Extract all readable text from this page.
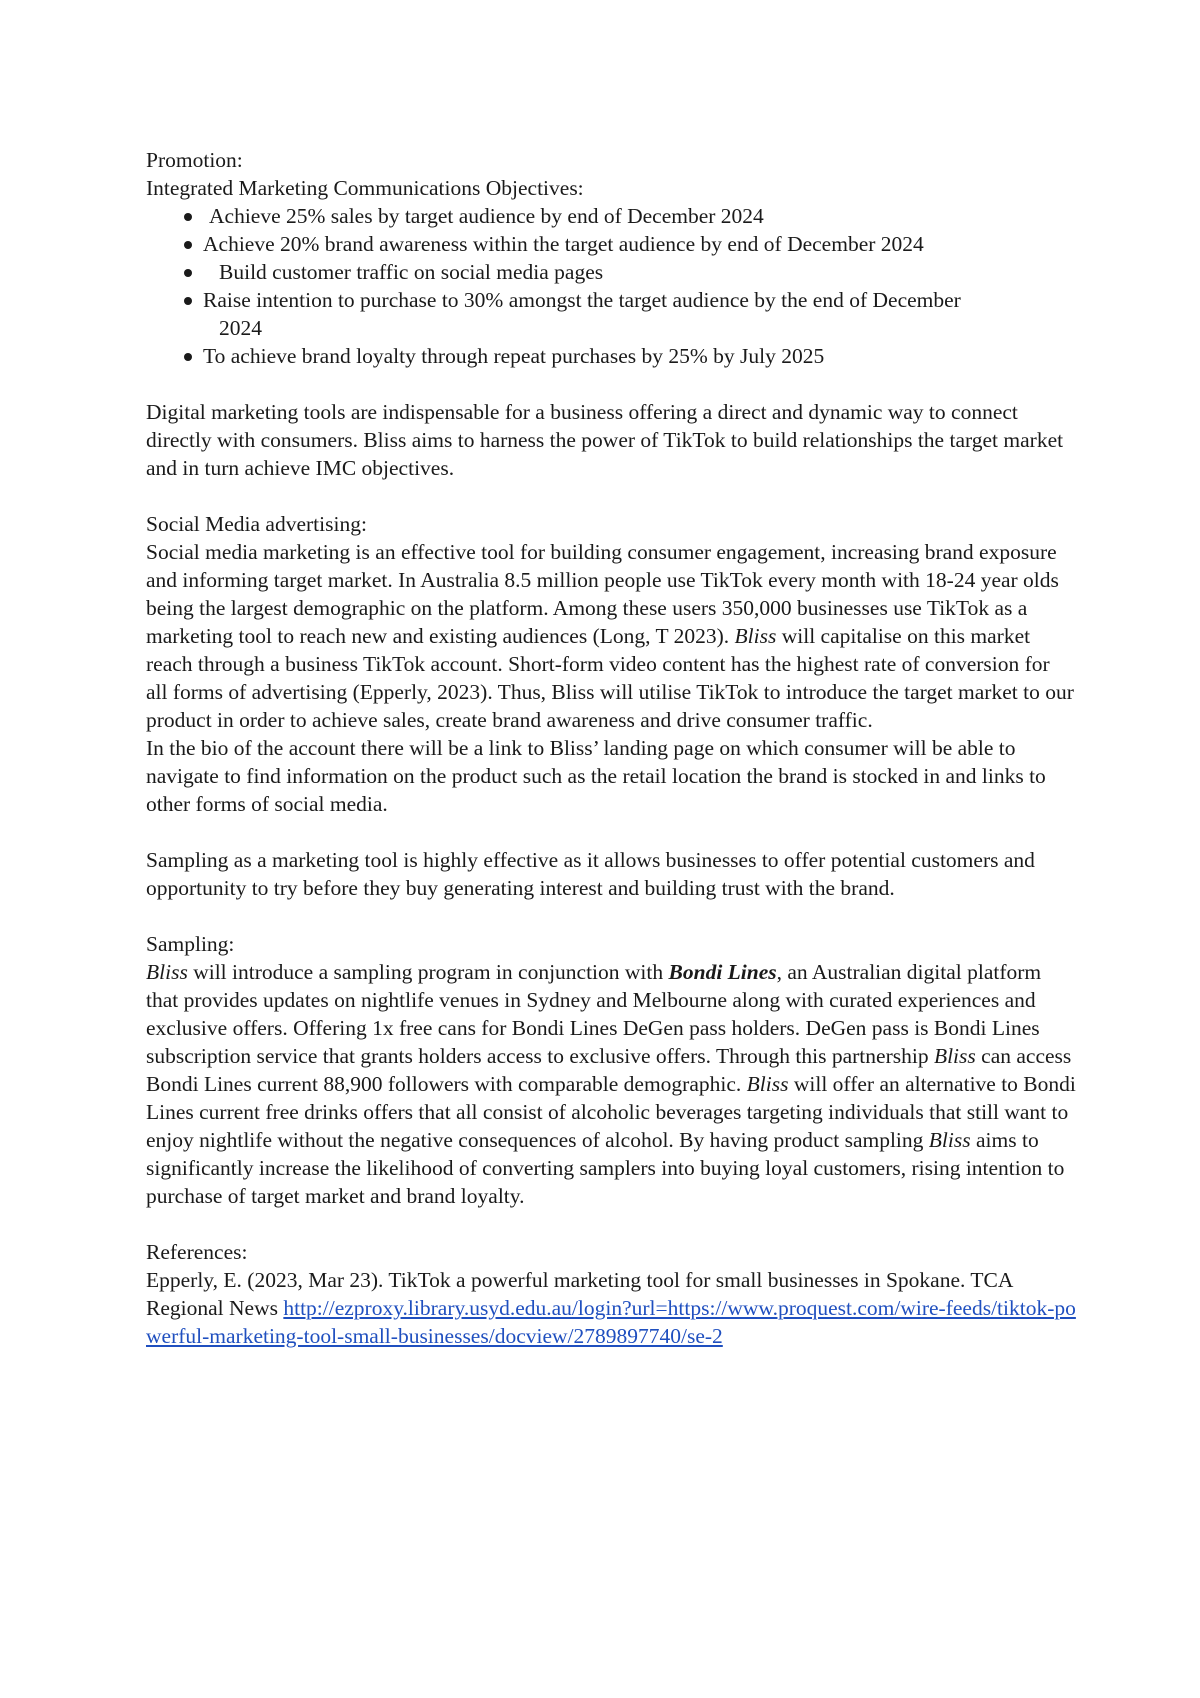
Promotion:

Integrated Marketing Communications Objectives:

Achieve 25% sales by target audience by end of December 2024
Achieve 20% brand awareness within the target audience by end of December 2024
Build customer traffic on social media pages
Raise intention to purchase to 30% amongst the target audience by the end of December
2024
To achieve brand loyalty through repeat purchases by 25% by July 2025

Digital marketing tools are indispensable for a business offering a direct and dynamic way to connect directly with consumers. Bliss aims to harness the power of TikTok to build relationships the target market and in turn achieve IMC objectives.

Social Media advertising:

Social media marketing is an effective tool for building consumer engagement, increasing brand exposure and informing target market. In Australia 8.5 million people use TikTok every month with 18-24 year olds being the largest demographic on the platform. Among these users 350,000 businesses use TikTok as a marketing tool to reach new and existing audiences (Long, T 2023). Bliss will capitalise on this market reach through a business TikTok account. Short-form video content has the highest rate of conversion for all forms of advertising (Epperly, 2023). Thus, Bliss will utilise TikTok to introduce the target market to our product in order to achieve sales, create brand awareness and drive consumer traffic.

In the bio of the account there will be a link to Bliss’ landing page on which consumer will be able to navigate to find information on the product such as the retail location the brand is stocked in and links to other forms of social media.

Sampling as a marketing tool is highly effective as it allows businesses to offer potential customers and opportunity to try before they buy generating interest and building trust with the brand.

Sampling:

Bliss will introduce a sampling program in conjunction with Bondi Lines, an Australian digital platform that provides updates on nightlife venues in Sydney and Melbourne along with curated experiences and exclusive offers. Offering 1x free cans for Bondi Lines DeGen pass holders. DeGen pass is Bondi Lines subscription service that grants holders access to exclusive offers. Through this partnership Bliss can access Bondi Lines current 88,900 followers with comparable demographic. Bliss will offer an alternative to Bondi Lines current free drinks offers that all consist of alcoholic beverages targeting individuals that still want to enjoy nightlife without the negative consequences of alcohol. By having product sampling Bliss aims to significantly increase the likelihood of converting samplers into buying loyal customers, rising intention to purchase of target market and brand loyalty.

References:

Epperly, E. (2023, Mar 23). TikTok a powerful marketing tool for small businesses in Spokane. TCA Regional News http://ezproxy.library.usyd.edu.au/login?url=https://www.proquest.com/wire-feeds/tiktok-powerful-marketing-tool-small-businesses/docview/2789897740/se-2
